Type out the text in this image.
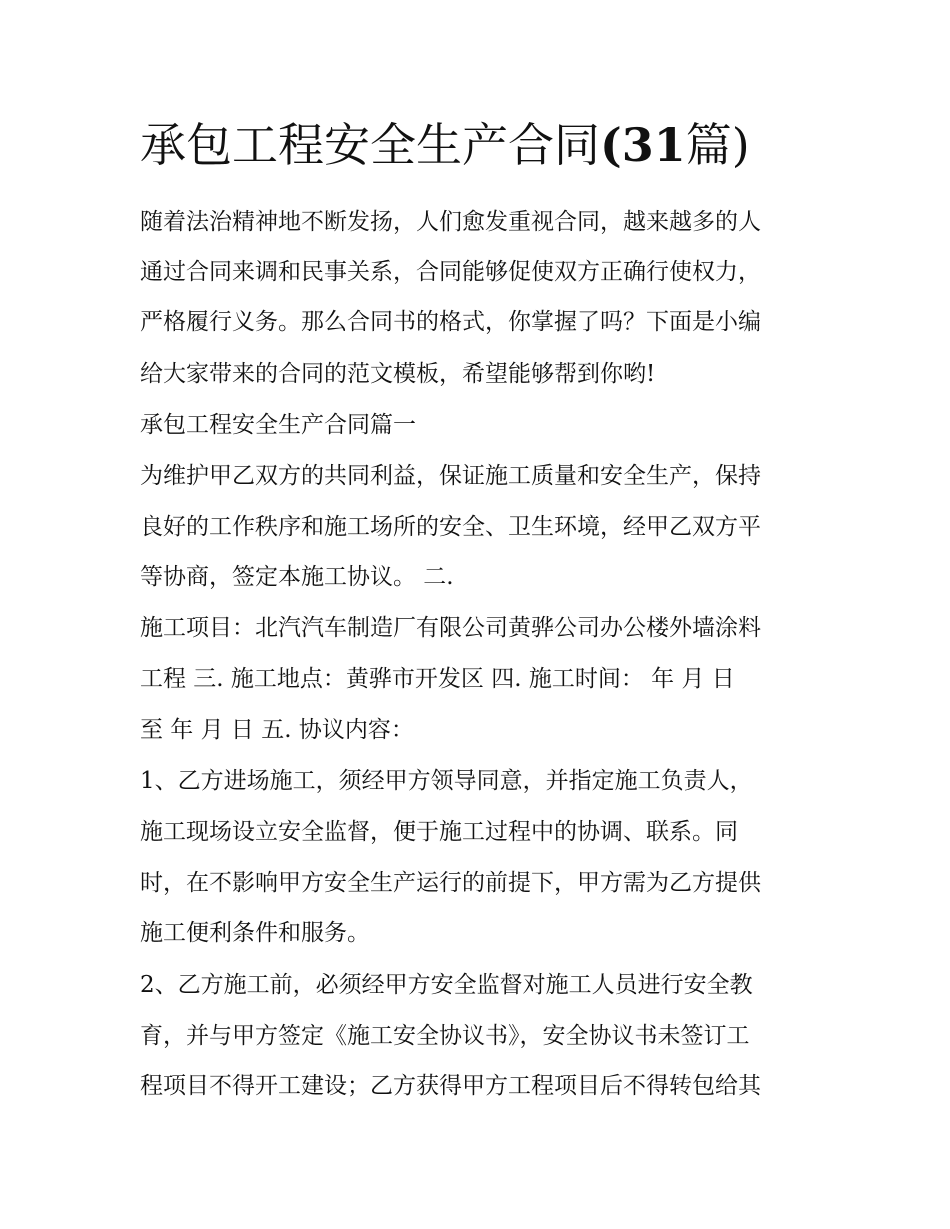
承包工程安全生产合同(31篇)

随着法治精神地不断发扬，人们愈发重视合同，越来越多的人

通过合同来调和民事关系，合同能够促使双方正确行使权力，

严格履行义务。那么合同书的格式，你掌握了吗？下面是小编

给大家带来的合同的范文模板，希望能够帮到你哟!

承包工程安全生产合同篇一

为维护甲乙双方的共同利益，保证施工质量和安全生产，保持

良好的工作秩序和施工场所的安全、卫生环境，经甲乙双方平

等协商，签定本施工协议。 二.

施工项目：北汽汽车制造厂有限公司黄骅公司办公楼外墙涂料

工程 三. 施工地点：黄骅市开发区 四. 施工时间： 年 月 日

至 年 月 日 五. 协议内容：

1、乙方进场施工，须经甲方领导同意，并指定施工负责人，

施工现场设立安全监督，便于施工过程中的协调、联系。同

时，在不影响甲方安全生产运行的前提下，甲方需为乙方提供

施工便利条件和服务。

2、乙方施工前，必须经甲方安全监督对施工人员进行安全教

育，并与甲方签定《施工安全协议书》，安全协议书未签订工

程项目不得开工建设；乙方获得甲方工程项目后不得转包给其
